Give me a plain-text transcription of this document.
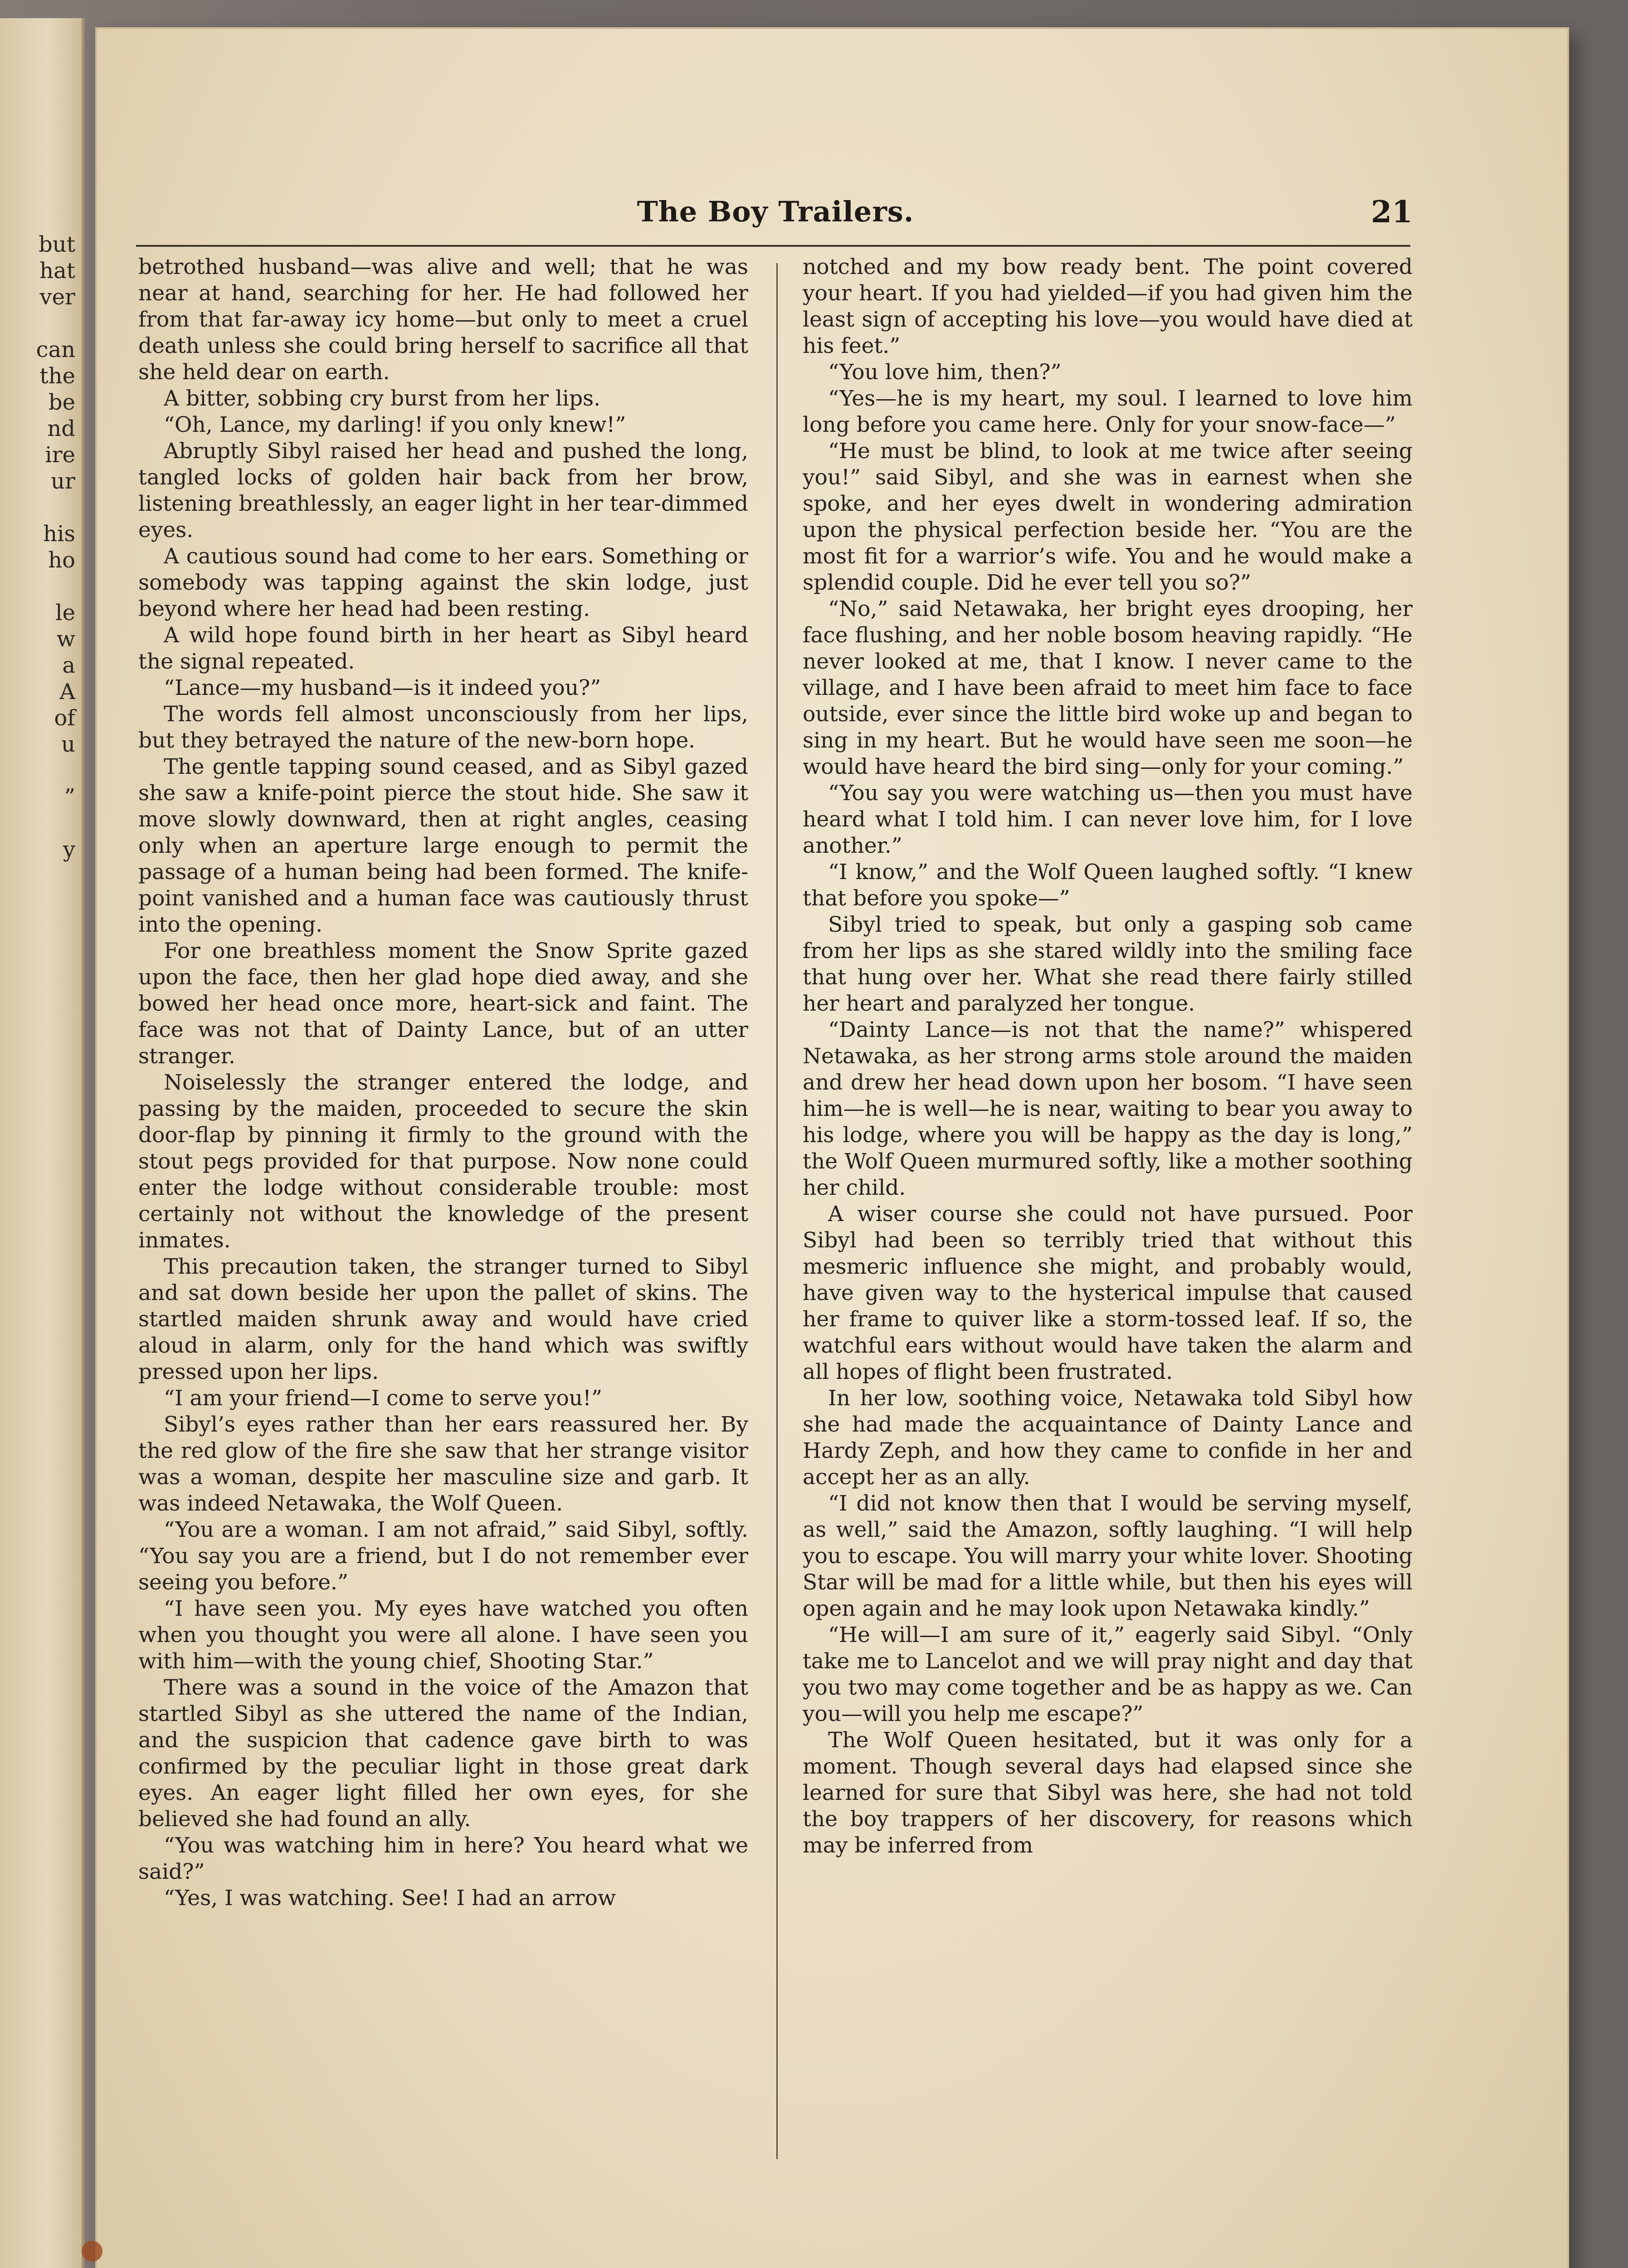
but
hat
ver

can
the
be
nd
ire
ur

his
ho

le
w
a
A
of
u

”

y
The Boy Trailers.	21

betrothed husband—was alive and well; that he was near at hand, searching for her. He had followed her from that far-away icy home—but only to meet a cruel death unless she could bring herself to sacrifice all that she held dear on earth.

A bitter, sobbing cry burst from her lips.

“Oh, Lance, my darling! if you only knew!”

Abruptly Sibyl raised her head and pushed the long, tangled locks of golden hair back from her brow, listening breathlessly, an eager light in her tear-dimmed eyes.

A cautious sound had come to her ears. Something or somebody was tapping against the skin lodge, just beyond where her head had been resting.

A wild hope found birth in her heart as Sibyl heard the signal repeated.

“Lance—my husband—is it indeed you?”

The words fell almost unconsciously from her lips, but they betrayed the nature of the new-born hope.

The gentle tapping sound ceased, and as Sibyl gazed she saw a knife-point pierce the stout hide. She saw it move slowly downward, then at right angles, ceasing only when an aperture large enough to permit the passage of a human being had been formed. The knife-point vanished and a human face was cautiously thrust into the opening.

For one breathless moment the Snow Sprite gazed upon the face, then her glad hope died away, and she bowed her head once more, heart-sick and faint. The face was not that of Dainty Lance, but of an utter stranger.

Noiselessly the stranger entered the lodge, and passing by the maiden, proceeded to secure the skin door-flap by pinning it firmly to the ground with the stout pegs provided for that purpose. Now none could enter the lodge without considerable trouble: most certainly not without the knowledge of the present inmates.

This precaution taken, the stranger turned to Sibyl and sat down beside her upon the pallet of skins. The startled maiden shrunk away and would have cried aloud in alarm, only for the hand which was swiftly pressed upon her lips.

“I am your friend—I come to serve you!”

Sibyl’s eyes rather than her ears reassured her. By the red glow of the fire she saw that her strange visitor was a woman, despite her masculine size and garb. It was indeed Netawaka, the Wolf Queen.

“You are a woman. I am not afraid,” said Sibyl, softly. “You say you are a friend, but I do not remember ever seeing you before.”

“I have seen you. My eyes have watched you often when you thought you were all alone. I have seen you with him—with the young chief, Shooting Star.”

There was a sound in the voice of the Amazon that startled Sibyl as she uttered the name of the Indian, and the suspicion that cadence gave birth to was confirmed by the peculiar light in those great dark eyes. An eager light filled her own eyes, for she believed she had found an ally.

“You was watching him in here? You heard what we said?”

“Yes, I was watching. See! I had an arrow

notched and my bow ready bent. The point covered your heart. If you had yielded—if you had given him the least sign of accepting his love—you would have died at his feet.”

“You love him, then?”

“Yes—he is my heart, my soul. I learned to love him long before you came here. Only for your snow-face—”

“He must be blind, to look at me twice after seeing you!” said Sibyl, and she was in earnest when she spoke, and her eyes dwelt in wondering admiration upon the physical perfection beside her. “You are the most fit for a warrior’s wife. You and he would make a splendid couple. Did he ever tell you so?”

“No,” said Netawaka, her bright eyes drooping, her face flushing, and her noble bosom heaving rapidly. “He never looked at me, that I know. I never came to the village, and I have been afraid to meet him face to face outside, ever since the little bird woke up and began to sing in my heart. But he would have seen me soon—he would have heard the bird sing—only for your coming.”

“You say you were watching us—then you must have heard what I told him. I can never love him, for I love another.”

“I know,” and the Wolf Queen laughed softly. “I knew that before you spoke—”

Sibyl tried to speak, but only a gasping sob came from her lips as she stared wildly into the smiling face that hung over her. What she read there fairly stilled her heart and paralyzed her tongue.

“Dainty Lance—is not that the name?” whispered Netawaka, as her strong arms stole around the maiden and drew her head down upon her bosom. “I have seen him—he is well—he is near, waiting to bear you away to his lodge, where you will be happy as the day is long,” the Wolf Queen murmured softly, like a mother soothing her child.

A wiser course she could not have pursued. Poor Sibyl had been so terribly tried that without this mesmeric influence she might, and probably would, have given way to the hysterical impulse that caused her frame to quiver like a storm-tossed leaf. If so, the watchful ears without would have taken the alarm and all hopes of flight been frustrated.

In her low, soothing voice, Netawaka told Sibyl how she had made the acquaintance of Dainty Lance and Hardy Zeph, and how they came to confide in her and accept her as an ally.

“I did not know then that I would be serving myself, as well,” said the Amazon, softly laughing. “I will help you to escape. You will marry your white lover. Shooting Star will be mad for a little while, but then his eyes will open again and he may look upon Netawaka kindly.”

“He will—I am sure of it,” eagerly said Sibyl. “Only take me to Lancelot and we will pray night and day that you two may come together and be as happy as we. Can you—will you help me escape?”

The Wolf Queen hesitated, but it was only for a moment. Though several days had elapsed since she learned for sure that Sibyl was here, she had not told the boy trappers of her discovery, for reasons which may be inferred from
